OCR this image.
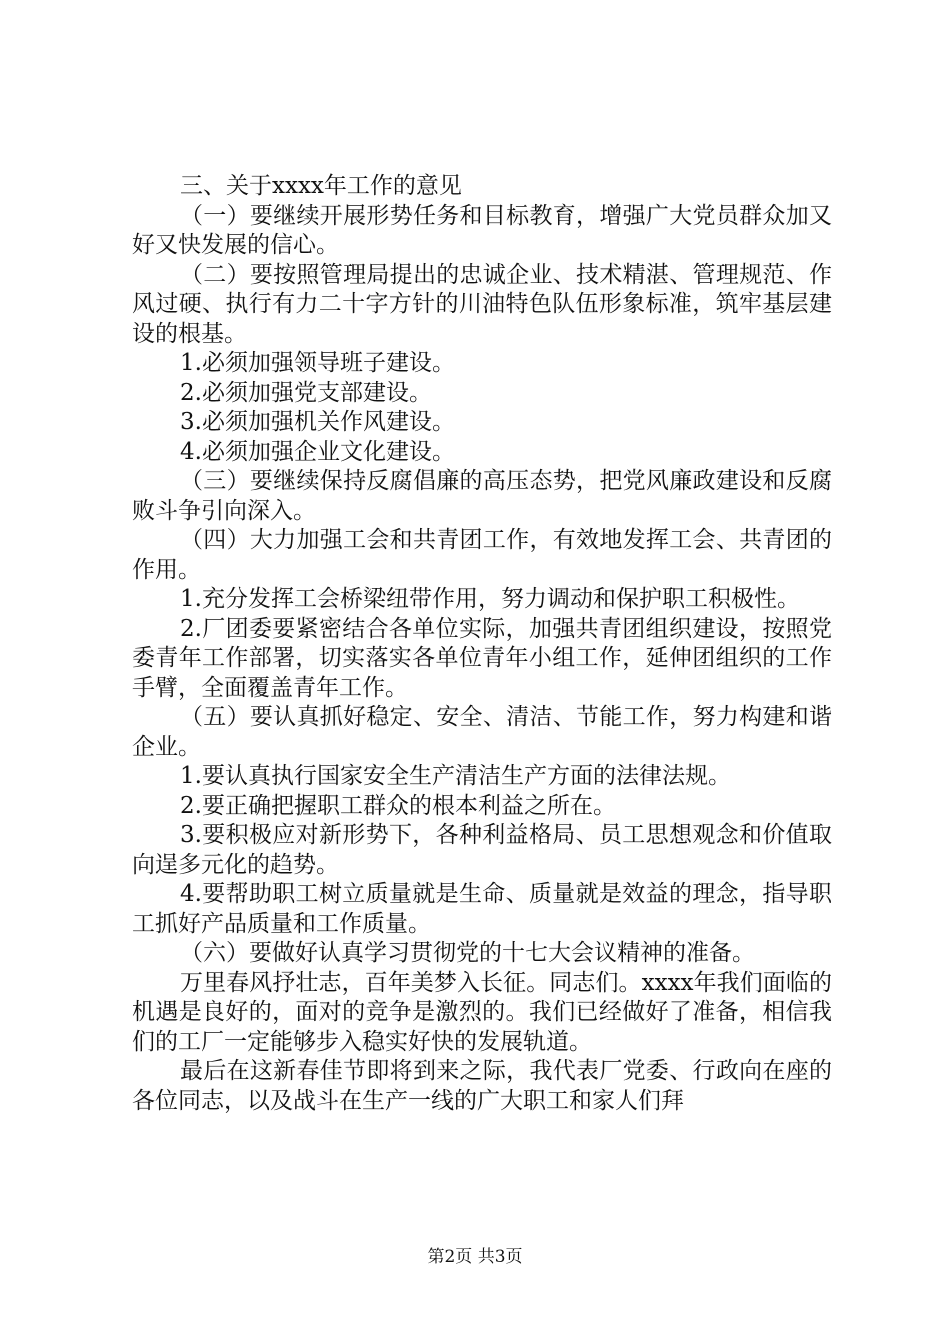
三、关于xxxx年工作的意见

（一）要继续开展形势任务和目标教育，增强广大党员群众加又好又快发展的信心。

（二）要按照管理局提出的忠诚企业、技术精湛、管理规范、作风过硬、执行有力二十字方针的川油特色队伍形象标准，筑牢基层建设的根基。

1.必须加强领导班子建设。

2.必须加强党支部建设。

3.必须加强机关作风建设。

4.必须加强企业文化建设。

（三）要继续保持反腐倡廉的高压态势，把党风廉政建设和反腐败斗争引向深入。

（四）大力加强工会和共青团工作，有效地发挥工会、共青团的作用。

1.充分发挥工会桥梁纽带作用，努力调动和保护职工积极性。

2.厂团委要紧密结合各单位实际，加强共青团组织建设，按照党委青年工作部署，切实落实各单位青年小组工作，延伸团组织的工作手臂，全面覆盖青年工作。

（五）要认真抓好稳定、安全、清洁、节能工作，努力构建和谐企业。

1.要认真执行国家安全生产清洁生产方面的法律法规。

2.要正确把握职工群众的根本利益之所在。

3.要积极应对新形势下，各种利益格局、员工思想观念和价值取向逞多元化的趋势。

4.要帮助职工树立质量就是生命、质量就是效益的理念，指导职工抓好产品质量和工作质量。

（六）要做好认真学习贯彻党的十七大会议精神的准备。

万里春风抒壮志，百年美梦入长征。同志们。xxxx年我们面临的机遇是良好的，面对的竞争是激烈的。我们已经做好了准备，相信我们的工厂一定能够步入稳实好快的发展轨道。

最后在这新春佳节即将到来之际，我代表厂党委、行政向在座的各位同志，以及战斗在生产一线的广大职工和家人们拜

第2页 共3页
